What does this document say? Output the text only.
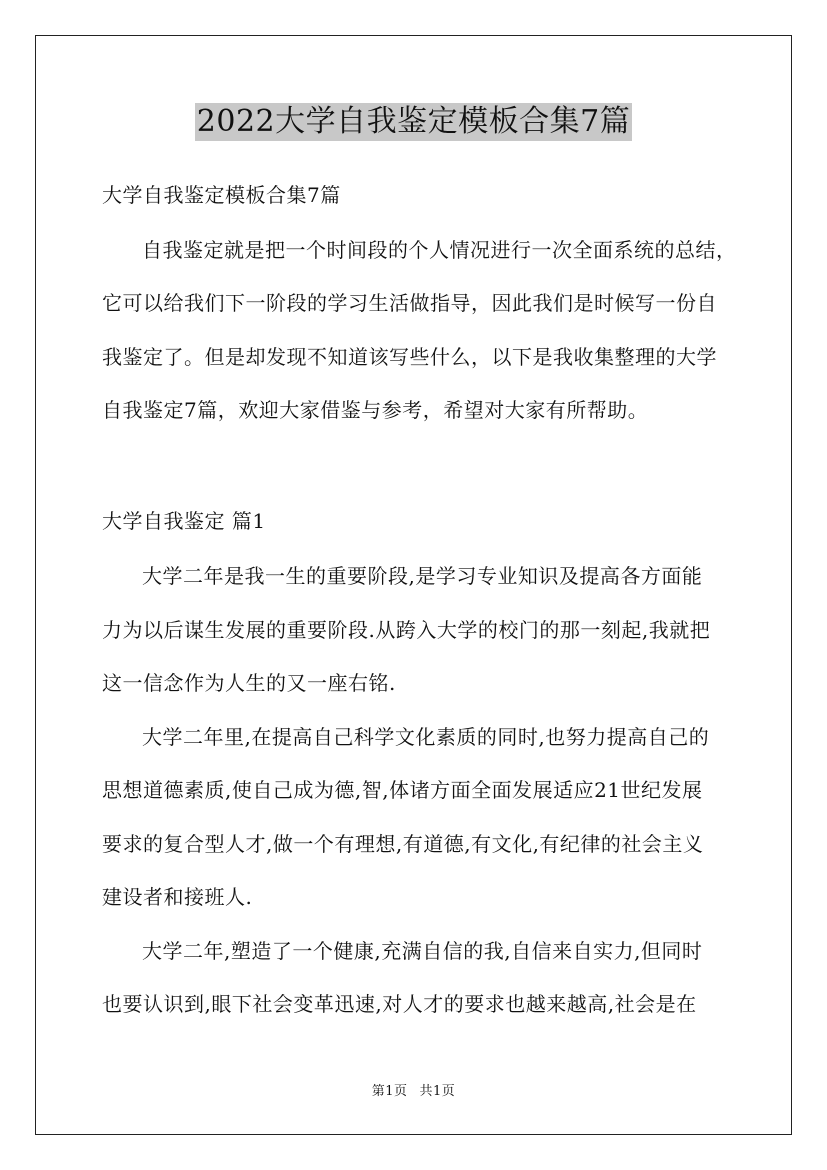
2022大学自我鉴定模板合集7篇
大学自我鉴定模板合集7篇
自我鉴定就是把一个时间段的个人情况进行一次全面系统的总结，
它可以给我们下一阶段的学习生活做指导，因此我们是时候写一份自
我鉴定了。但是却发现不知道该写些什么，以下是我收集整理的大学
自我鉴定7篇，欢迎大家借鉴与参考，希望对大家有所帮助。
大学自我鉴定 篇1
大学二年是我一生的重要阶段,是学习专业知识及提高各方面能
力为以后谋生发展的重要阶段.从跨入大学的校门的那一刻起,我就把
这一信念作为人生的又一座右铭.
大学二年里,在提高自己科学文化素质的同时,也努力提高自己的
思想道德素质,使自己成为德,智,体诸方面全面发展适应21世纪发展
要求的复合型人才,做一个有理想,有道德,有文化,有纪律的社会主义
建设者和接班人.
大学二年,塑造了一个健康,充满自信的我,自信来自实力,但同时
也要认识到,眼下社会变革迅速,对人才的要求也越来越高,社会是在
第1页 共1页
